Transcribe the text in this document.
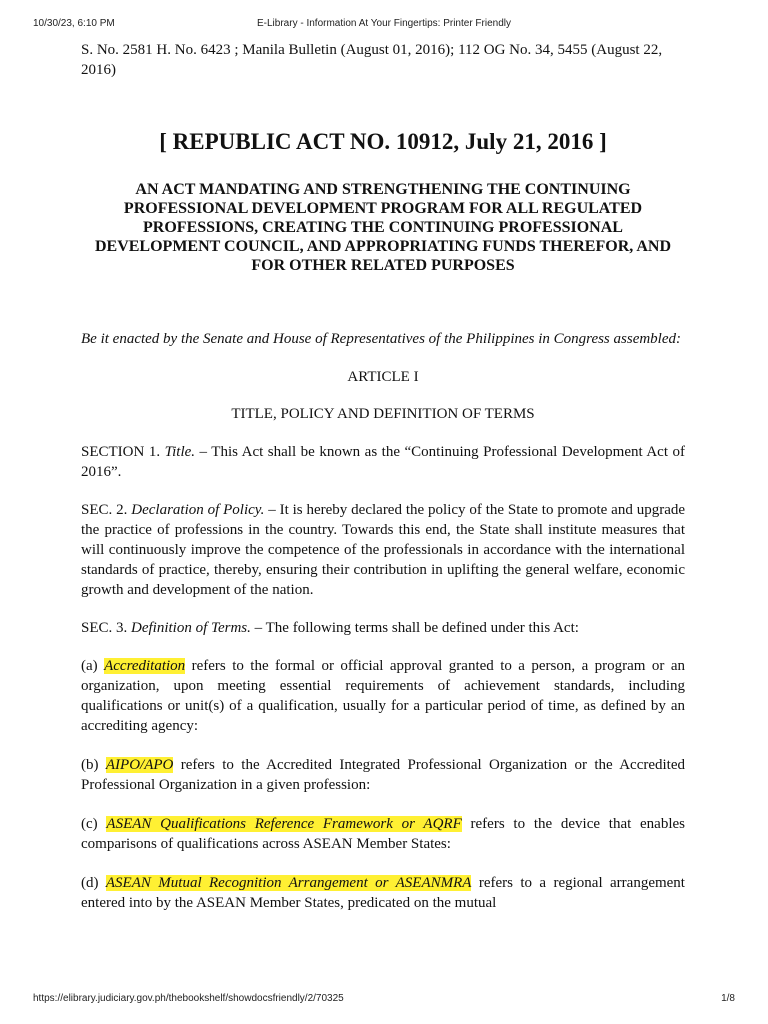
10/30/23, 6:10 PM	E-Library - Information At Your Fingertips: Printer Friendly

S. No. 2581 H. No. 6423 ; Manila Bulletin (August 01, 2016); 112 OG No. 34, 5455 (August 22, 2016)

[ REPUBLIC ACT NO. 10912, July 21, 2016 ]
AN ACT MANDATING AND STRENGTHENING THE CONTINUING PROFESSIONAL DEVELOPMENT PROGRAM FOR ALL REGULATED PROFESSIONS, CREATING THE CONTINUING PROFESSIONAL DEVELOPMENT COUNCIL, AND APPROPRIATING FUNDS THEREFOR, AND FOR OTHER RELATED PURPOSES

Be it enacted by the Senate and House of Representatives of the Philippines in Congress assembled:

ARTICLE I
TITLE, POLICY AND DEFINITION OF TERMS

SECTION 1. Title. – This Act shall be known as the “Continuing Professional Development Act of 2016”.

SEC. 2. Declaration of Policy. – It is hereby declared the policy of the State to promote and upgrade the practice of professions in the country. Towards this end, the State shall institute measures that will continuously improve the competence of the professionals in accordance with the international standards of practice, thereby, ensuring their contribution in uplifting the general welfare, economic growth and development of the nation.

SEC. 3. Definition of Terms. – The following terms shall be defined under this Act:

(a) Accreditation refers to the formal or official approval granted to a person, a program or an organization, upon meeting essential requirements of achievement standards, including qualifications or unit(s) of a qualification, usually for a particular period of time, as defined by an accrediting agency:

(b) AIPO/APO refers to the Accredited Integrated Professional Organization or the Accredited Professional Organization in a given profession:

(c) ASEAN Qualifications Reference Framework or AQRF refers to the device that enables comparisons of qualifications across ASEAN Member States:

(d) ASEAN Mutual Recognition Arrangement or ASEANMRA refers to a regional arrangement entered into by the ASEAN Member States, predicated on the mutual

https://elibrary.judiciary.gov.ph/thebookshelf/showdocsfriendly/2/70325	1/8
